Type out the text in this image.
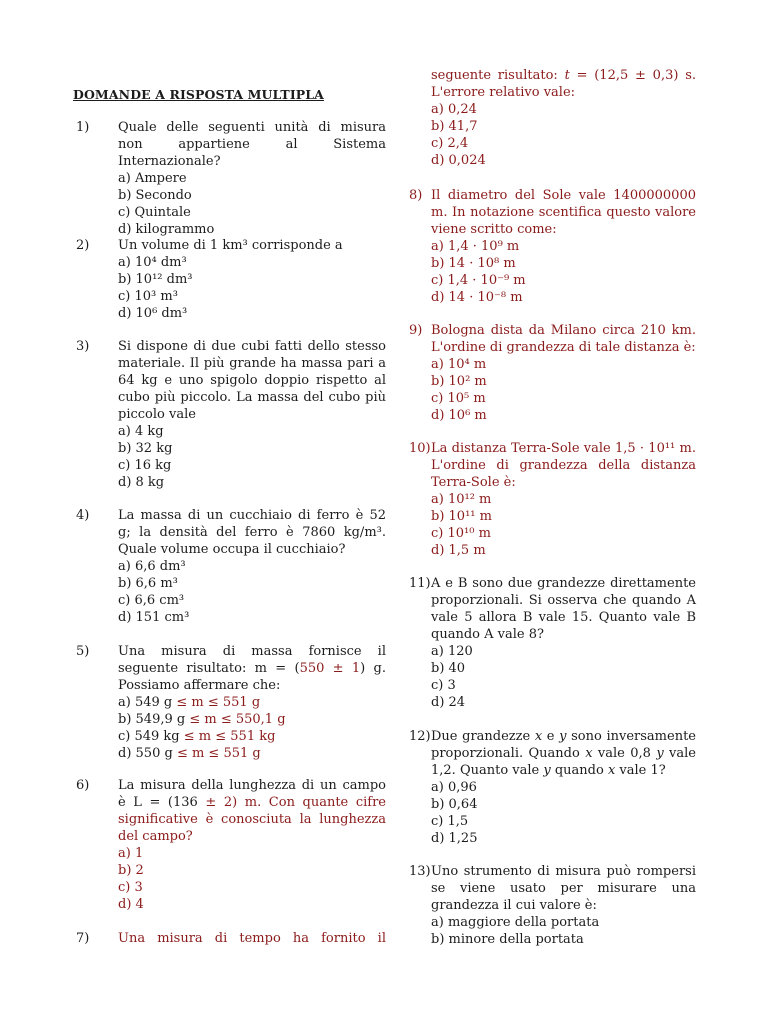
DOMANDE A RISPOSTA MULTIPLA
1)	Quale delle seguenti unità di misura non appartiene al Sistema Internazionale?
a) Ampere
b) Secondo
c) Quintale
d) kilogrammo
2)	Un volume di 1 km³ corrisponde a
a) 10⁴ dm³
b) 10¹² dm³
c) 10³ m³
d) 10⁶ dm³
3)	Si dispone di due cubi fatti dello stesso materiale. Il più grande ha massa pari a 64 kg e uno spigolo doppio rispetto al cubo più piccolo. La massa del cubo più piccolo vale
a) 4 kg
b) 32 kg
c) 16 kg
d) 8 kg
4)	La massa di un cucchiaio di ferro è 52 g; la densità del ferro è 7860 kg/m³. Quale volume occupa il cucchiaio?
a) 6,6 dm³
b) 6,6 m³
c) 6,6 cm³
d) 151 cm³
5)	Una misura di massa fornisce il seguente risultato: m = (550 ± 1) g. Possiamo affermare che:
a) 549 g ≤ m ≤ 551 g
b) 549,9 g ≤ m ≤ 550,1 g
c) 549 kg ≤ m ≤ 551 kg
d) 550 g ≤ m ≤ 551 g
6)	La misura della lunghezza di un campo è L = (136 ± 2) m. Con quante cifre significative è conosciuta la lunghezza del campo?
a) 1
b) 2
c) 3
d) 4
7)	Una misura di tempo ha fornito il
seguente risultato: t = (12,5 ± 0,3) s. L'errore relativo vale:
a) 0,24
b) 41,7
c) 2,4
d) 0,024
8) Il diametro del Sole vale 1400000000 m. In notazione scentifica questo valore viene scritto come:
a) 1,4 · 10⁹ m
b) 14 · 10⁸ m
c) 1,4 · 10⁻⁹ m
d) 14 · 10⁻⁸ m
9) Bologna dista da Milano circa 210 km. L'ordine di grandezza di tale distanza è:
a) 10⁴ m
b) 10² m
c) 10⁵ m
d) 10⁶ m
10) La distanza Terra-Sole vale 1,5 · 10¹¹ m. L'ordine di grandezza della distanza Terra-Sole è:
a) 10¹² m
b) 10¹¹ m
c) 10¹⁰ m
d) 1,5 m
11) A e B sono due grandezze direttamente proporzionali. Si osserva che quando A vale 5 allora B vale 15. Quanto vale B quando A vale 8?
a) 120
b) 40
c) 3
d) 24
12) Due grandezze x e y sono inversamente proporzionali. Quando x vale 0,8 y vale 1,2. Quanto vale y quando x vale 1?
a) 0,96
b) 0,64
c) 1,5
d) 1,25
13) Uno strumento di misura può rompersi se viene usato per misurare una grandezza il cui valore è:
a) maggiore della portata
b) minore della portata
